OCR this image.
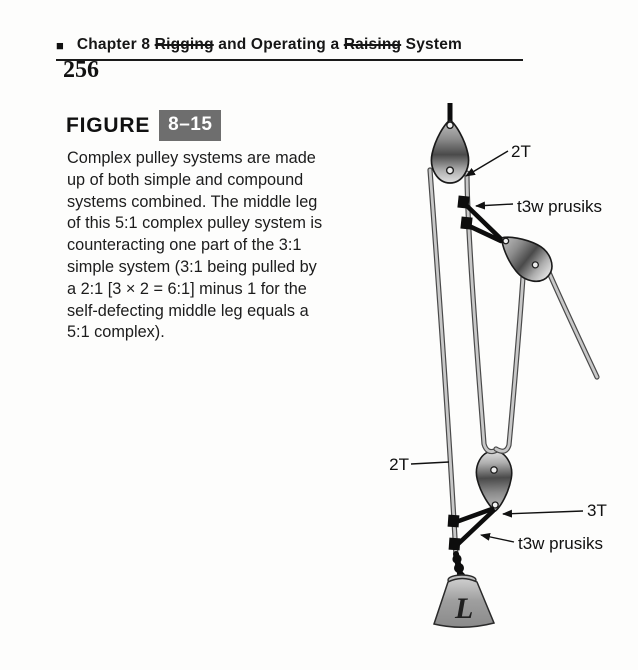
■ Chapter 8 Rigging and Operating a Raising System
256
FIGURE 8–15
Complex pulley systems are made
up of both simple and compound
systems combined. The middle leg
of this 5:1 complex pulley system is
counteracting one part of the 3:1
simple system (3:1 being pulled by
a 2:1 [3 × 2 = 6:1] minus 1 for the
self-defecting middle leg equals a
5:1 complex).
L
2T
t3w prusiks
2T
3T
t3w prusiks
